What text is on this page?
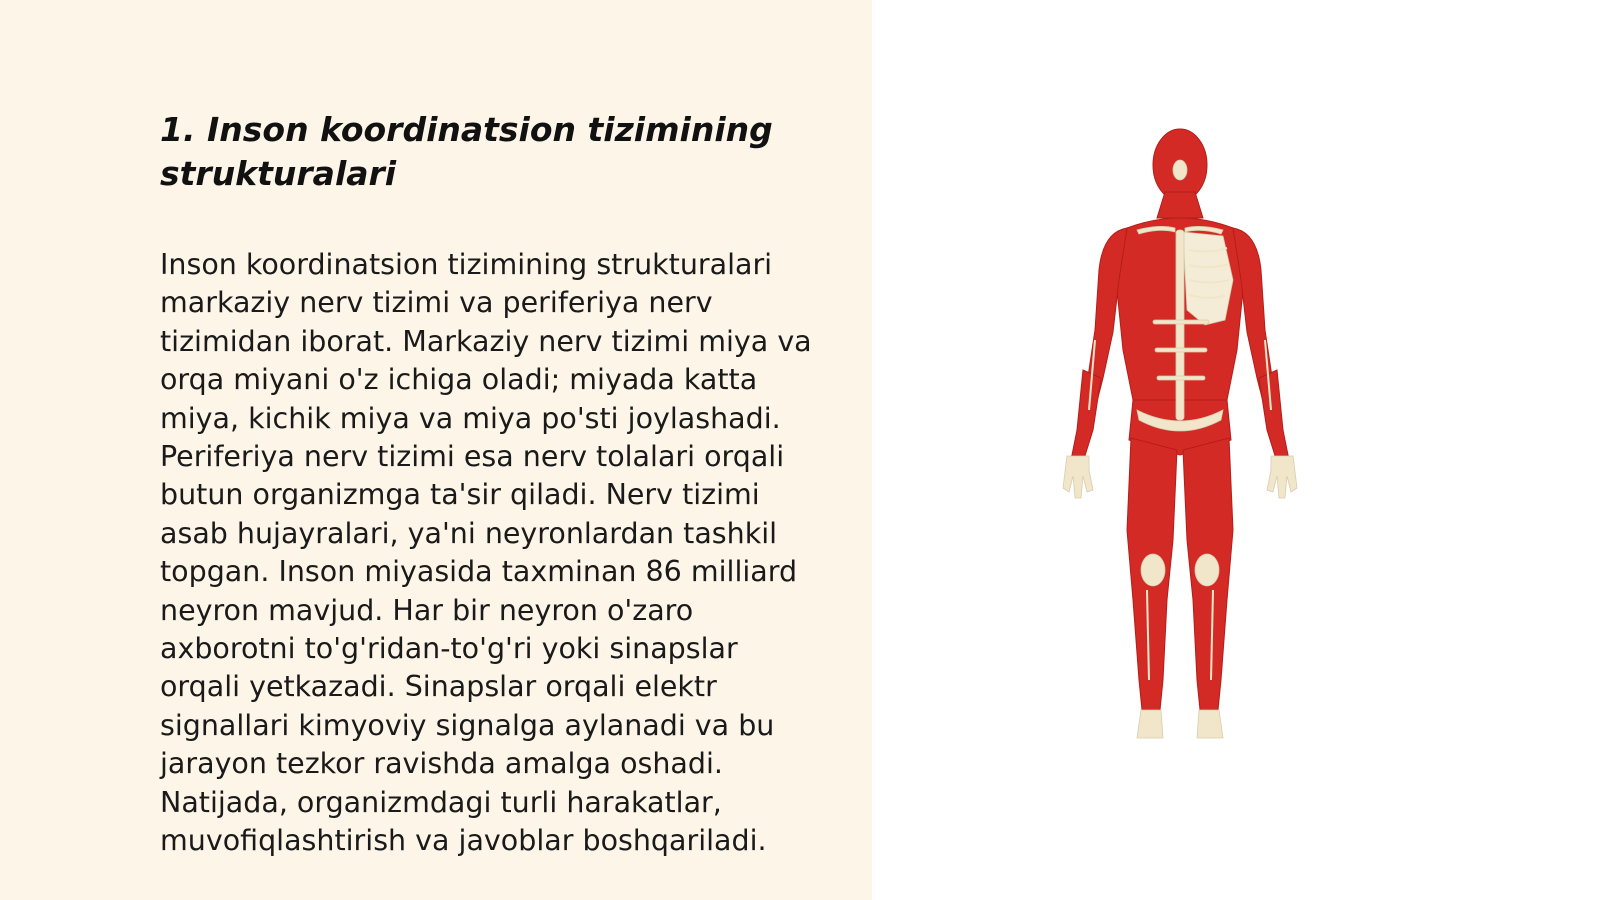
1. Inson koordinatsion tizimining
strukturalari

Inson koordinatsion tizimining strukturalari
markaziy nerv tizimi va periferiya nerv
tizimidan iborat. Markaziy nerv tizimi miya va
orqa miyani o'z ichiga oladi; miyada katta
miya, kichik miya va miya po'sti joylashadi.
Periferiya nerv tizimi esa nerv tolalari orqali
butun organizmga ta'sir qiladi. Nerv tizimi
asab hujayralari, ya'ni neyronlardan tashkil
topgan. Inson miyasida taxminan 86 milliard
neyron mavjud. Har bir neyron o'zaro
axborotni to'g'ridan-to'g'ri yoki sinapslar
orqali yetkazadi. Sinapslar orqali elektr
signallari kimyoviy signalga aylanadi va bu
jarayon tezkor ravishda amalga oshadi.
Natijada, organizmdagi turli harakatlar,
muvofiqlashtirish va javoblar boshqariladi.
